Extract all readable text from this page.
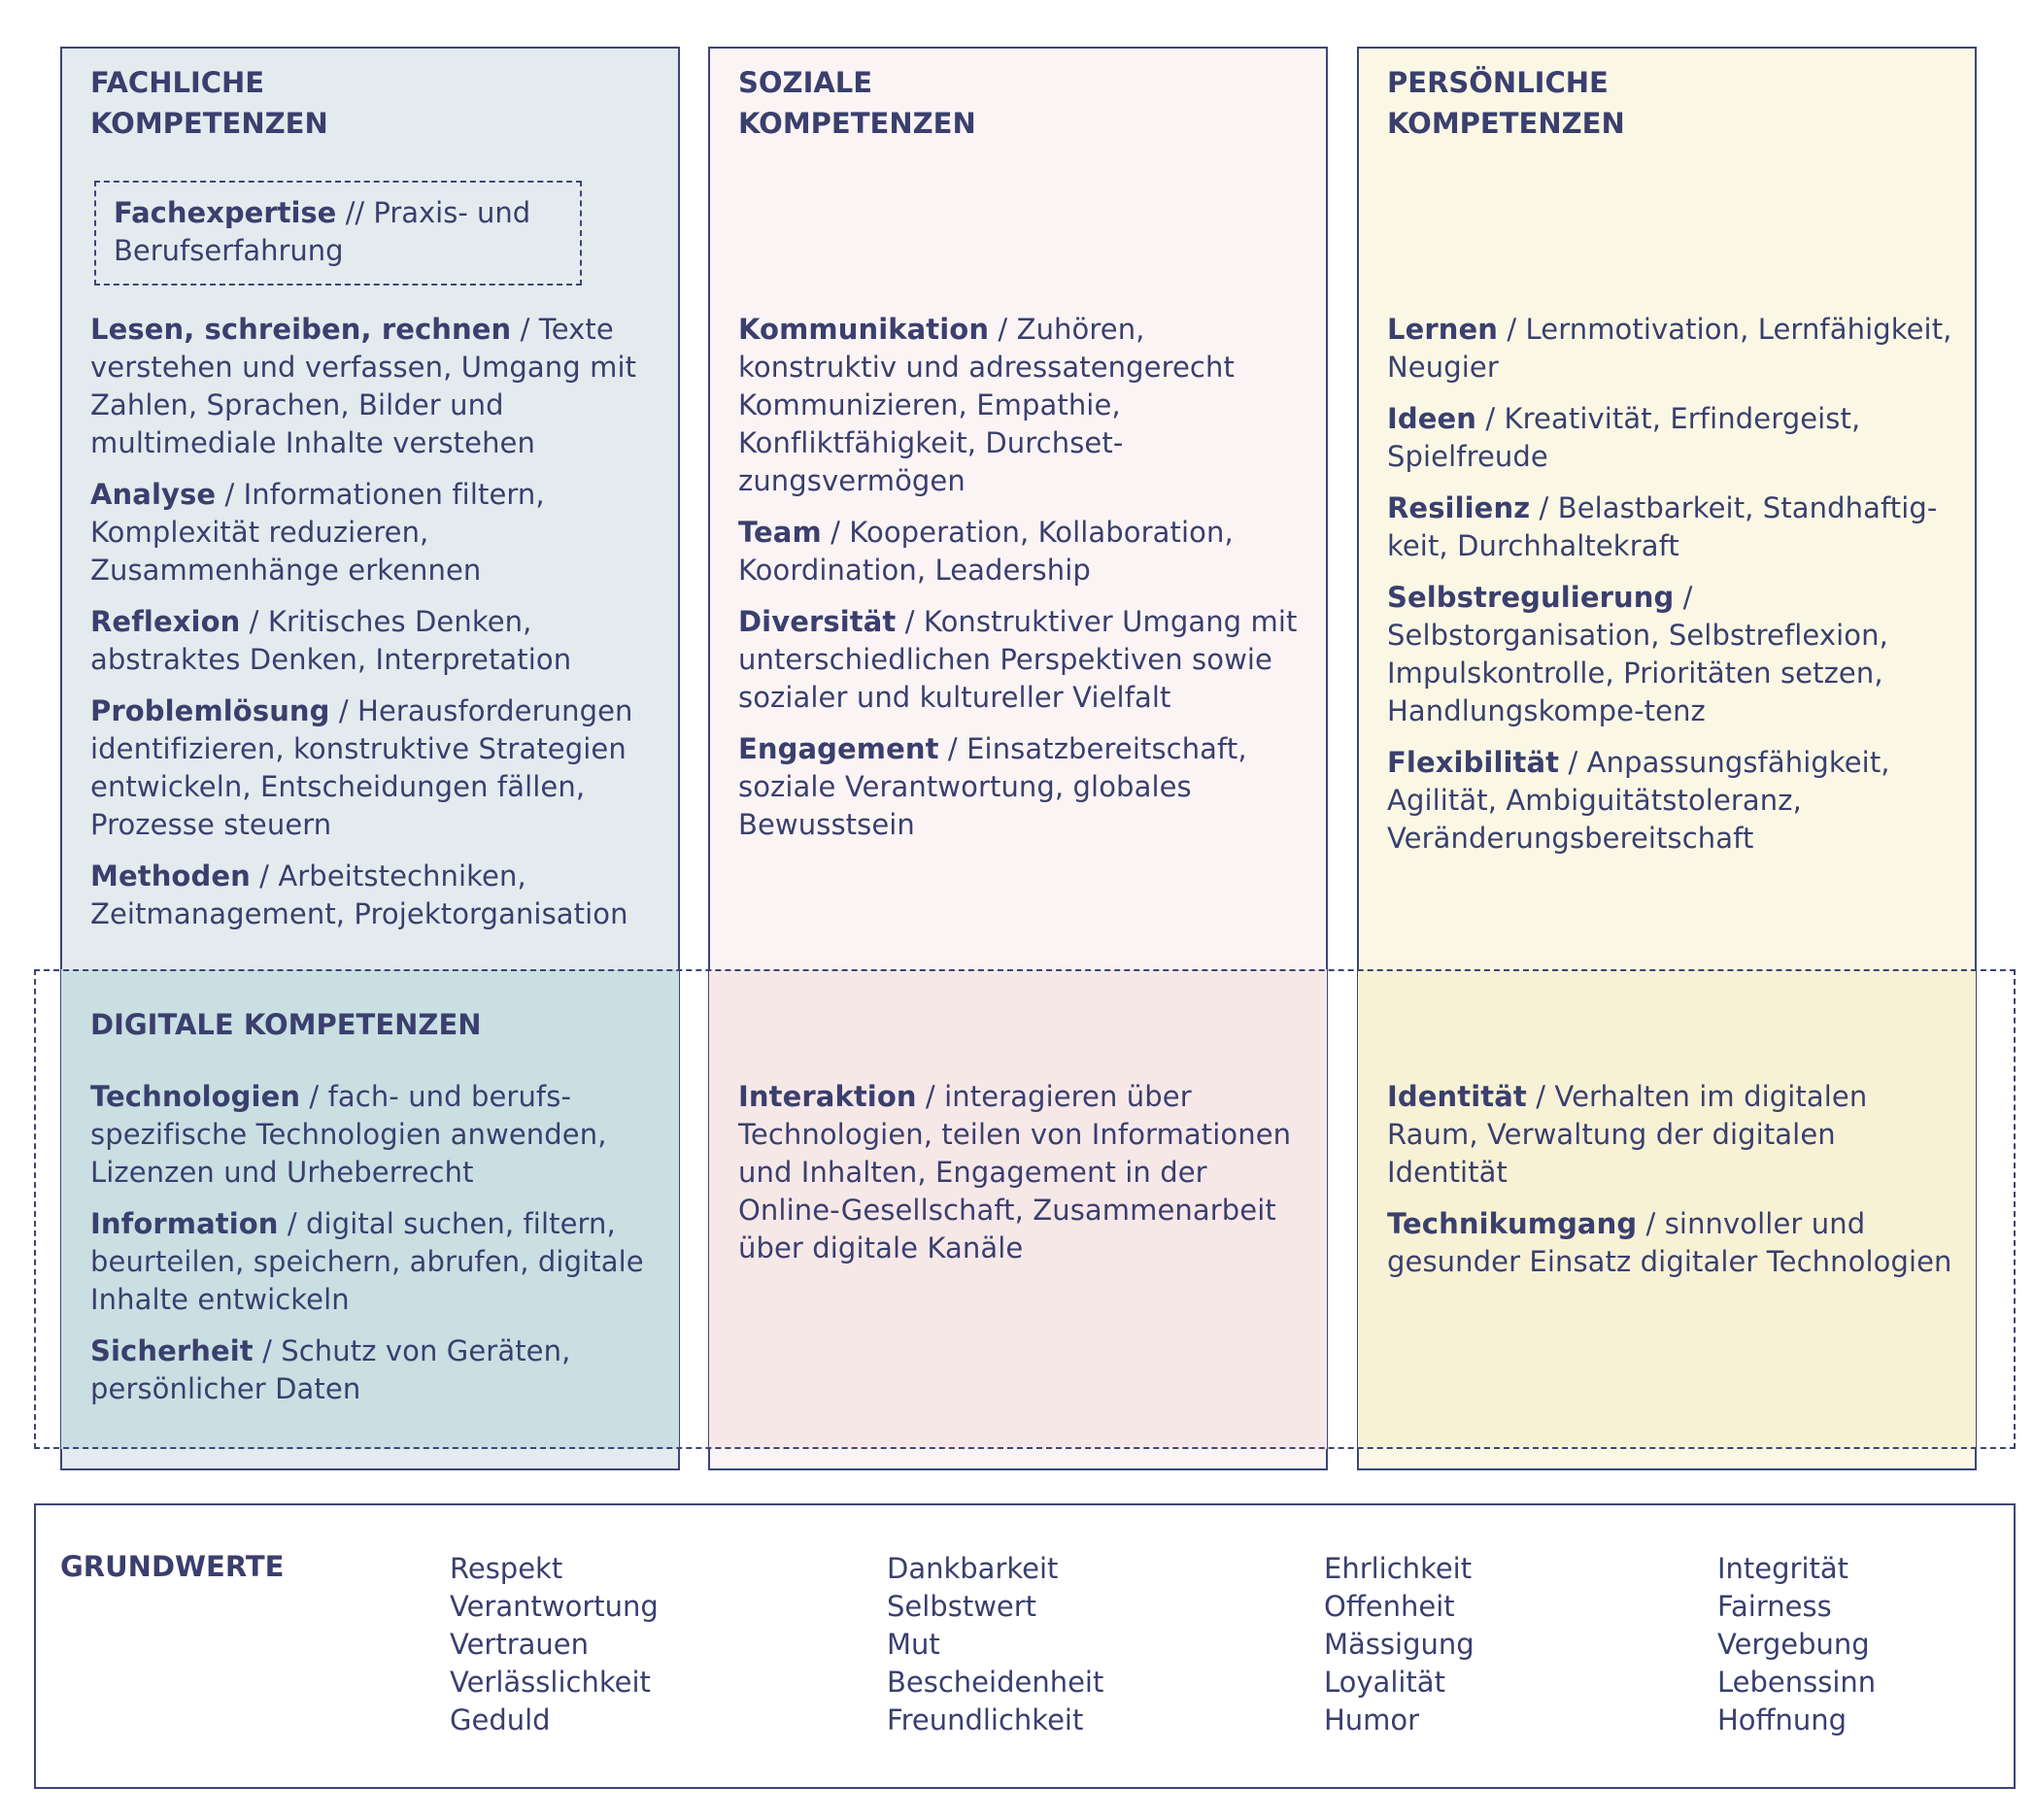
FACHLICHE
KOMPETENZEN
SOZIALE
KOMPETENZEN
PERSÖNLICHE
KOMPETENZEN
DIGITALE KOMPETENZEN
Fachexpertise // Praxis- und Berufserfahrung

Lesen, schreiben, rechnen / Texte verstehen und verfassen, Umgang mit Zahlen, Sprachen, Bilder und multimediale Inhalte verstehen

Analyse / Informationen filtern, Komplexität reduzieren, Zusammenhänge erkennen

Reflexion / Kritisches Denken, abstraktes Denken, Interpretation

Problemlösung / Herausforderungen identifizieren, konstruktive Strategien entwickeln, Entscheidungen fällen, Prozesse steuern

Methoden / Arbeitstechniken, Zeitmanagement, Projektorganisation

Kommunikation / Zuhören, konstruktiv und adressatengerecht Kommunizieren, Empathie, Konfliktfähigkeit, Durchset-zungsvermögen

Team / Kooperation, Kollaboration, Koordination, Leadership

Diversität / Konstruktiver Umgang mit unterschiedlichen Perspektiven sowie sozialer und kultureller Vielfalt

Engagement / Einsatzbereitschaft, soziale Verantwortung, globales Bewusstsein

Lernen / Lernmotivation, Lernfähigkeit, Neugier

Ideen / Kreativität, Erfindergeist, Spielfreude

Resilienz / Belastbarkeit, Standhaftig-keit, Durchhaltekraft

Selbstregulierung / Selbstorganisation, Selbstreflexion, Impulskontrolle, Prioritäten setzen, Handlungskompe-tenz

Flexibilität / Anpassungsfähigkeit, Agilität, Ambiguitätstoleranz, Veränderungsbereitschaft

Technologien / fach- und berufs-spezifische Technologien anwenden, Lizenzen und Urheberrecht

Information / digital suchen, filtern, beurteilen, speichern, abrufen, digitale Inhalte entwickeln

Sicherheit / Schutz von Geräten, persönlicher Daten

Interaktion / interagieren über Technologien, teilen von Informationen und Inhalten, Engagement in der Online-Gesellschaft, Zusammenarbeit über digitale Kanäle

Identität / Verhalten im digitalen Raum, Verwaltung der digitalen Identität

Technikumgang / sinnvoller und gesunder Einsatz digitaler Technologien

GRUNDWERTE	Respekt
Verantwortung
Vertrauen
Verlässlichkeit
Geduld
Dankbarkeit
Selbstwert
Mut
Bescheidenheit
Freundlichkeit
Ehrlichkeit
Offenheit
Mässigung
Loyalität
Humor
Integrität
Fairness
Vergebung
Lebenssinn
Hoffnung
